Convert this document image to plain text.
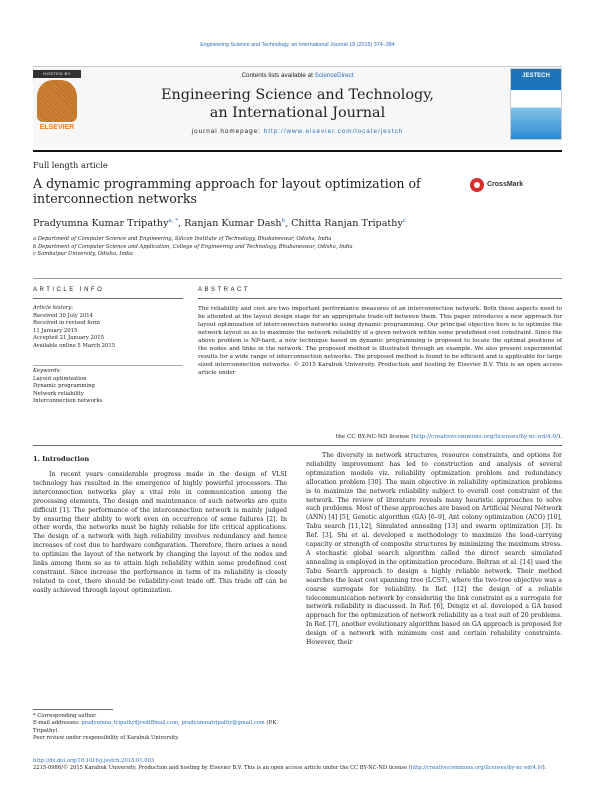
Engineering Science and Technology, an International Journal 18 (2015) 374–384
HOSTED BY
ELSEVIER
Contents lists available at ScienceDirect
Engineering Science and Technology,
an International Journal
journal homepage: http://www.elsevier.com/locate/jestch
JESTECH
Full length article
A dynamic programming approach for layout optimization of interconnection networks
CrossMark
Pradyumna Kumar Tripathy$^{a, *}$, Ranjan Kumar Dash$^b$, Chitta Ranjan Tripathy$^c$
a Department of Computer Science and Engineering, Silicon Institute of Technology, Bhubaneswar, Odisha, India
b Department of Computer Science and Application, College of Engineering and Technology, Bhubaneswar, Odisha, India
c Sambalpur University, Odisha, India
ARTICLE INFO	ABSTRACT
Article history:
Received 30 July 2014
Received in revised form
11 January 2015
Accepted 21 January 2015
Available online 5 March 2015
Keywords:
Layout optimization
Dynamic programming
Network reliability
Interconnection networks
The reliability and cost are two important performance measures of an interconnection network. Both these aspects need to be attended at the layout design stage for an appropriate trade-off between them. This paper introduces a new approach for layout optimization of interconnection networks using dynamic programming. Our principal objective here is to optimize the network layout so as to maximize the network reliability of a given network within some predefined cost constraint. Since the above problem is NP-hard, a new technique based on dynamic programming is proposed to locate the optimal positions of the nodes and links in the network. The proposed method is illustrated through an example. We also present experimental results for a wide range of interconnection networks. The proposed method is found to be efficient and is applicable for large sized interconnection networks. © 2015 Karabuk University. Production and hosting by Elsevier B.V. This is an open access article under
the CC BY-NC-ND license (http://creativecommons.org/licenses/by-nc-nd/4.0/).
1. Introduction

In recent years considerable progress made in the design of VLSI technology has resulted in the emergence of highly powerful processors. The interconnection networks play a vital role in communication among the processing elements. The design and maintenance of such networks are quite difficult [1]. The performance of the interconnection network is mainly judged by ensuring their ability to work even on occurrence of some failures [2]. In other words, the networks must be highly reliable for life critical applications. The design of a network with high reliability involves redundancy and hence increases of cost due to hardware configuration. Therefore, there arises a need to optimize the layout of the network by changing the layout of the nodes and links among them so as to attain high reliability within some predefined cost constraint. Since increase the performance in term of its reliability is closely related to cost, there should be reliability-cost trade off. This trade off can be easily achieved through layout optimization.

The diversity in network structures, resource constraints, and options for reliability improvement has led to construction and analysis of several optimization models viz. reliability optimization problem and redundancy allocation problem [30]. The main objective in reliability optimization problems is to maximize the network reliability subject to overall cost constraint of the network. The review of literature reveals many heuristic approaches to solve such problems. Most of these approaches are based on Artificial Neural Network (ANN) [4] [5], Genetic algorithm (GA) [6–9], Ant colony optimization (ACO) [10], Tabu search [11,12], Simulated annealing [13] and swarm optimization [3]. In Ref. [3], Shi et al. developed a methodology to maximize the load-carrying capacity or strength of composite structures by minimizing the maximum stress. A stochastic global search algorithm called the direct search simulated annealing is employed in the optimization procedure. Beltran et al. [14] used the Tabu Search approach to design a highly reliable network. Their method searches the least cost spanning tree (LCST), where the two-tree objective was a coarse surrogate for reliability. In Ref. [12] the design of a reliable telecommunication network by considering the link constraint as a surrogate for network reliability is discussed. In Ref. [6], Dengiz et al. developed a GA based approach for the optimization of network reliability as a test suit of 20 problems. In Ref. [7], another evolutionary algorithm based on GA approach is proposed for design of a network with minimum cost and certain reliability constraints. However, their

* Corresponding author.

E-mail addresses: pradyumna_tripathy@rediffmail.com, pradyumnatripathy@gmail.com (P.K. Tripathy).

Peer review under responsibility of Karabuk University.

http://dx.doi.org/10.1016/j.jestch.2015.01.003

2215-0986/© 2015 Karabuk University. Production and hosting by Elsevier B.V. This is an open access article under the CC BY-NC-ND license (http://creativecommons.org/licenses/by-nc-nd/4.0/).
